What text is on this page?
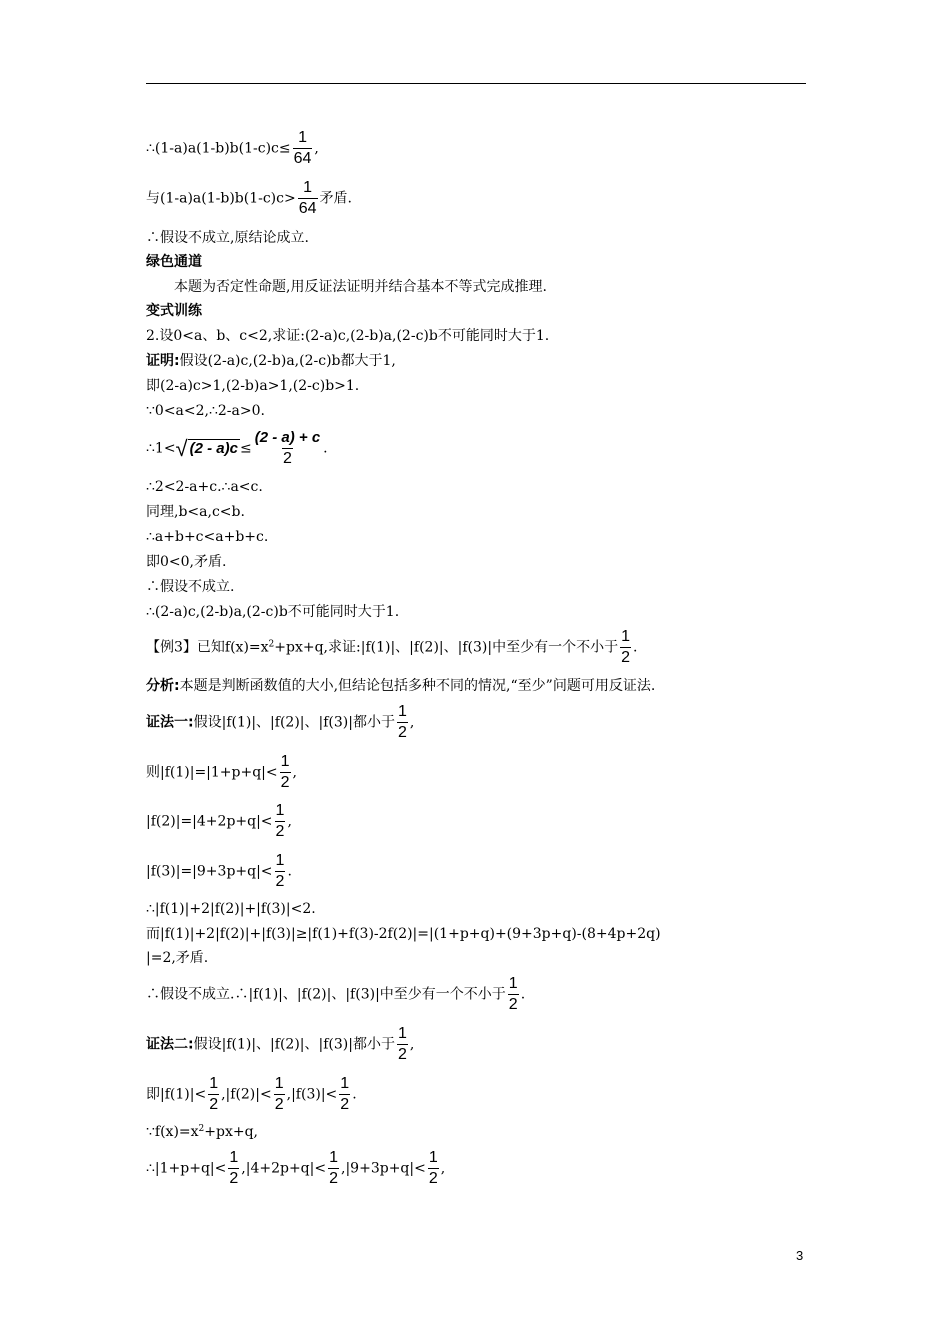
∴(1-a)a(1-b)b(1-c)c≤ $\frac{1}{64}$ ,
与$(1-a)a(1-b)b(1-c)c> \frac{1}{64}$ 矛盾.
∴假设不成立,原结论成立.
绿色通道
本题为否定性命题,用反证法证明并结合基本不等式完成推理.
变式训练
2.设0<a、b、c<2,求证:(2-a)c,(2-b)a,(2-c)b不可能同时大于1.
证明:假设(2-a)c,(2-b)a,(2-c)b都大于1,
即(2-a)c>1,(2-b)a>1,(2-c)b>1.
∵0<a<2,∴2-a>0.
∴1<√ $(2 - a)c \le \frac{(2 - a) + c}{2}$ .
∴2<2-a+c.∴a<c.
同理,b<a,c<b.
∴a+b+c<a+b+c.
即0<0,矛盾.
∴假设不成立.
∴(2-a)c,(2-b)a,(2-c)b不可能同时大于1.
【例3】已知$f(x)=x^2+px+q$,求证:|f(1)|、|f(2)|、|f(3)|中至少有一个不小于 $\frac{1}{2}$ .
分析:本题是判断函数值的大小,但结论包括多种不同的情况,“至少”问题可用反证法.
证法一:假设|f(1)|、|f(2)|、|f(3)|都小于 $\frac{1}{2}$ ,
则$|f(1)|=|1+p+q|< \frac{1}{2}$ ,
$|f(2)|=|4+2p+q|< \frac{1}{2}$ ,
$|f(3)|=|9+3p+q|< \frac{1}{2}$ .
∴|f(1)|+2|f(2)|+|f(3)|<2.
而|f(1)|+2|f(2)|+|f(3)|≥|f(1)+f(3)-2f(2)|=|(1+p+q)+(9+3p+q)-(8+4p+2q)
|=2,矛盾.
∴假设不成立.∴|f(1)|、|f(2)|、|f(3)|中至少有一个不小于 $\frac{1}{2}$ .
证法二:假设|f(1)|、|f(2)|、|f(3)|都小于 $\frac{1}{2}$ ,
即$|f(1)|< \frac{1}{2} ,|f(2)|< \frac{1}{2} ,|f(3)|< \frac{1}{2}$ .
$\because f(x)=x^2+px+q$,
∴|1+p+q|< $\frac{1}{2} ,|4+2p+q|< \frac{1}{2} ,|9+3p+q|< \frac{1}{2}$ ,
3
